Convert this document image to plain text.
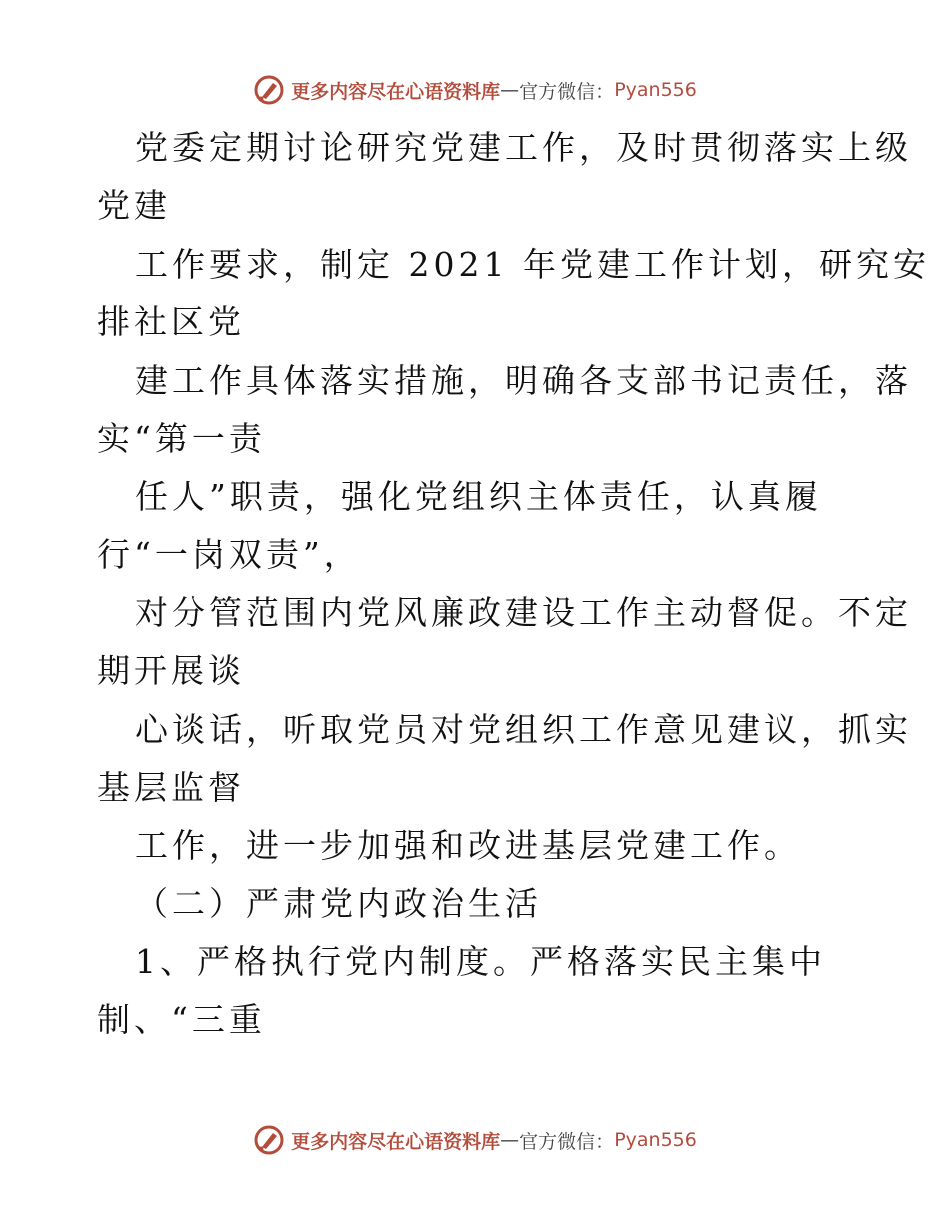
更多内容尽在心语资料库 — 官方微信： Pyan556
党委定期讨论研究党建工作，及时贯彻落实上级
党建
工作要求，制定 2021 年党建工作计划，研究安
排社区党
建工作具体落实措施，明确各支部书记责任，落
实“第一责
任人”职责，强化党组织主体责任，认真履
行“一岗双责”，
对分管范围内党风廉政建设工作主动督促。不定
期开展谈
心谈话，听取党员对党组织工作意见建议，抓实
基层监督
工作，进一步加强和改进基层党建工作。
（二）严肃党内政治生活
1、严格执行党内制度。严格落实民主集中
制、“三重
更多内容尽在心语资料库 — 官方微信： Pyan556
